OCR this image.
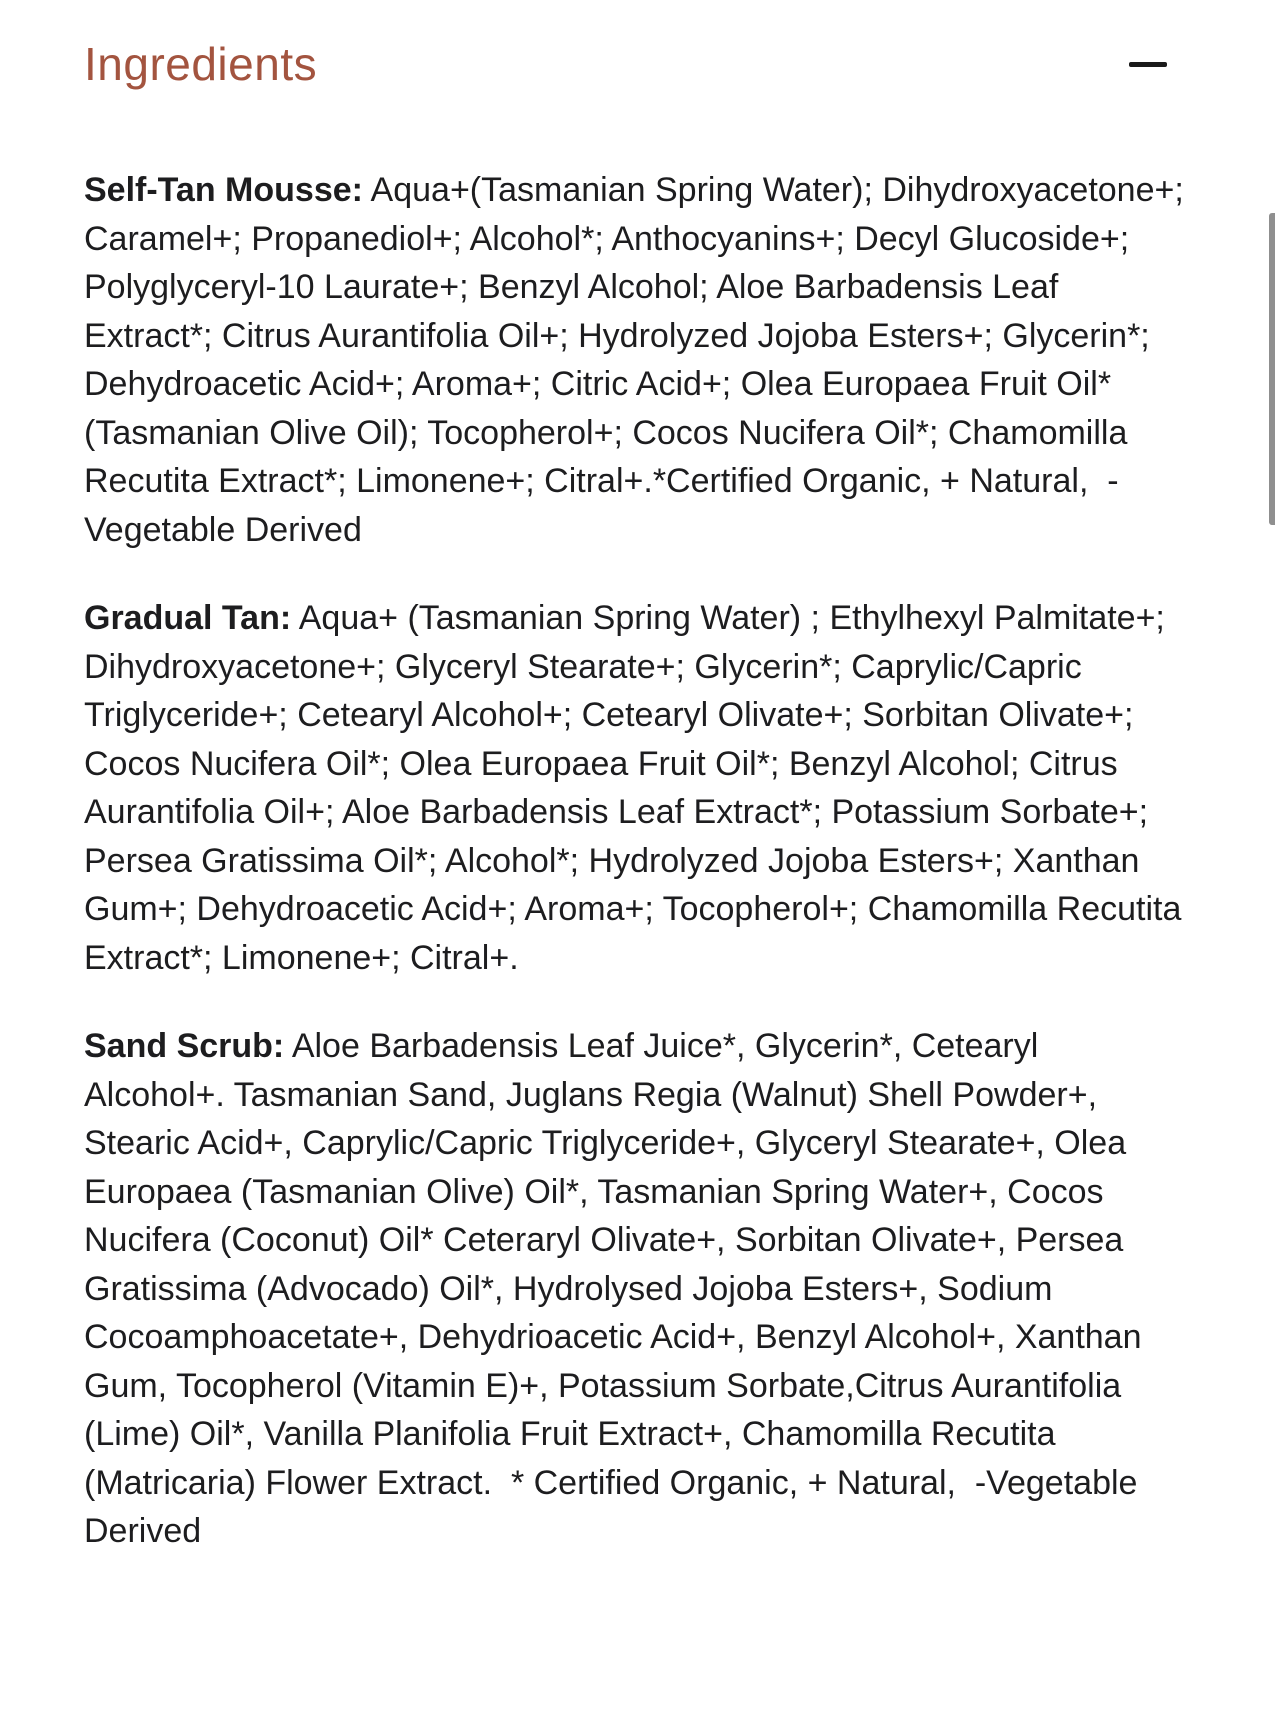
Ingredients

Self-Tan Mousse: Aqua+(Tasmanian Spring Water); Dihydroxyacetone+; Caramel+; Propanediol+; Alcohol*; Anthocyanins+; Decyl Glucoside+; Polyglyceryl-10 Laurate+; Benzyl Alcohol; Aloe Barbadensis Leaf Extract*; Citrus Aurantifolia Oil+; Hydrolyzed Jojoba Esters+; Glycerin*; Dehydroacetic Acid+; Aroma+; Citric Acid+; Olea Europaea Fruit Oil*(Tasmanian Olive Oil); Tocopherol+; Cocos Nucifera Oil*; Chamomilla Recutita Extract*; Limonene+; Citral+.*Certified Organic, + Natural,  -Vegetable Derived

Gradual Tan: Aqua+ (Tasmanian Spring Water) ; Ethylhexyl Palmitate+; Dihydroxyacetone+; Glyceryl Stearate+; Glycerin*; Caprylic/Capric Triglyceride+; Cetearyl Alcohol+; Cetearyl Olivate+; Sorbitan Olivate+; Cocos Nucifera Oil*; Olea Europaea Fruit Oil*; Benzyl Alcohol; Citrus Aurantifolia Oil+; Aloe Barbadensis Leaf Extract*; Potassium Sorbate+; Persea Gratissima Oil*; Alcohol*; Hydrolyzed Jojoba Esters+; Xanthan Gum+; Dehydroacetic Acid+; Aroma+; Tocopherol+; Chamomilla Recutita Extract*; Limonene+; Citral+.

Sand Scrub: Aloe Barbadensis Leaf Juice*, Glycerin*, Cetearyl Alcohol+. Tasmanian Sand, Juglans Regia (Walnut) Shell Powder+, Stearic Acid+, Caprylic/Capric Triglyceride+, Glyceryl Stearate+, Olea Europaea (Tasmanian Olive) Oil*, Tasmanian Spring Water+, Cocos Nucifera (Coconut) Oil* Ceteraryl Olivate+, Sorbitan Olivate+, Persea Gratissima (Advocado) Oil*, Hydrolysed Jojoba Esters+, Sodium Cocoamphoacetate+, Dehydrioacetic Acid+, Benzyl Alcohol+, Xanthan Gum, Tocopherol (Vitamin E)+, Potassium Sorbate,Citrus Aurantifolia (Lime) Oil*, Vanilla Planifolia Fruit Extract+, Chamomilla Recutita (Matricaria) Flower Extract.  * Certified Organic, + Natural,  -Vegetable Derived
